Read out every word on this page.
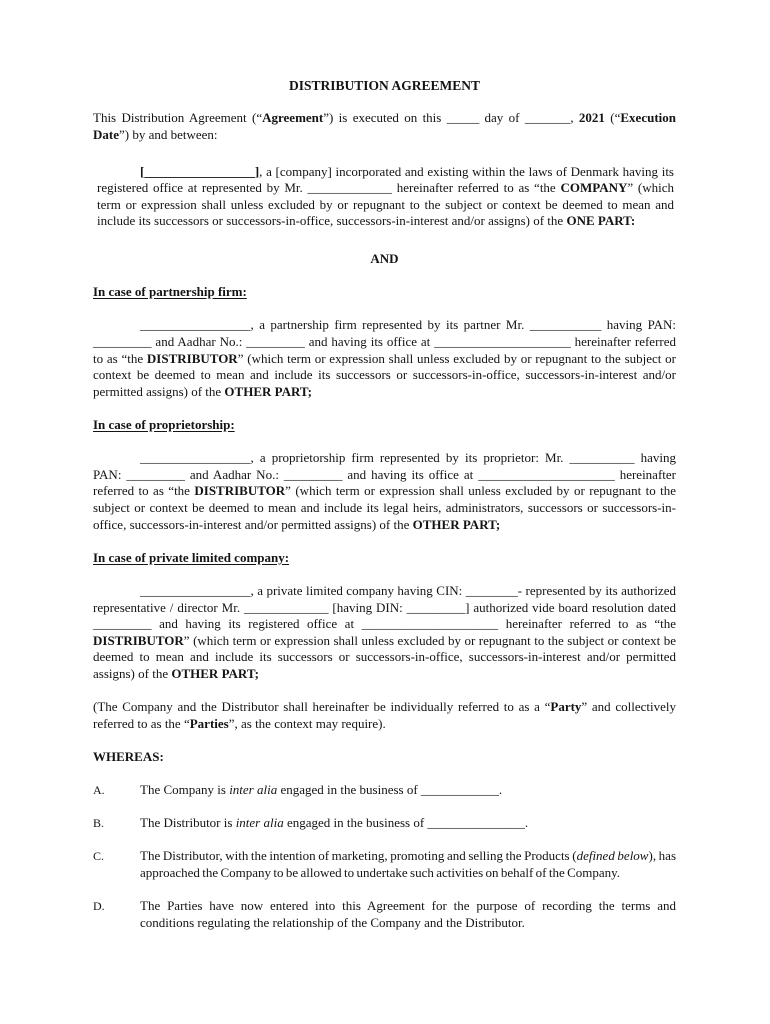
DISTRIBUTION AGREEMENT

This Distribution Agreement (“Agreement”) is executed on this _____ day of _______, 2021 (“Execution Date”) by and between:

[_________________], a [company] incorporated and existing within the laws of Denmark having its registered office at represented by Mr. _____________ hereinafter referred to as “the COMPANY” (which term or expression shall unless excluded by or repugnant to the subject or context be deemed to mean and include its successors or successors-in-office, successors-in-interest and/or assigns) of the ONE PART:

AND
In case of partnership firm:

_________________, a partnership firm represented by its partner Mr. ___________ having PAN: _________ and Aadhar No.: _________ and having its office at _____________________ hereinafter referred to as “the DISTRIBUTOR” (which term or expression shall unless excluded by or repugnant to the subject or context be deemed to mean and include its successors or successors-in-office, successors-in-interest and/or permitted assigns) of the OTHER PART;

In case of proprietorship:

_________________, a proprietorship firm represented by its proprietor: Mr. __________ having PAN: _________ and Aadhar No.: _________ and having its office at _____________________ hereinafter referred to as “the DISTRIBUTOR” (which term or expression shall unless excluded by or repugnant to the subject or context be deemed to mean and include its legal heirs, administrators, successors or successors-in-office, successors-in-interest and/or permitted assigns) of the OTHER PART;

In case of private limited company:

_________________, a private limited company having CIN: ________- represented by its authorized representative / director Mr. _____________ [having DIN: _________] authorized vide board resolution dated _________ and having its registered office at _____________________ hereinafter referred to as “the DISTRIBUTOR” (which term or expression shall unless excluded by or repugnant to the subject or context be deemed to mean and include its successors or successors-in-office, successors-in-interest and/or permitted assigns) of the OTHER PART;

(The Company and the Distributor shall hereinafter be individually referred to as a “Party” and collectively referred to as the “Parties”, as the context may require).

WHEREAS:
A.	The Company is inter alia engaged in the business of ____________.
B.	The Distributor is inter alia engaged in the business of _______________.
C.	The Distributor, with the intention of marketing, promoting and selling the Products (defined below), has approached the Company to be allowed to undertake such activities on behalf of the Company.
D.	The Parties have now entered into this Agreement for the purpose of recording the terms and conditions regulating the relationship of the Company and the Distributor.
